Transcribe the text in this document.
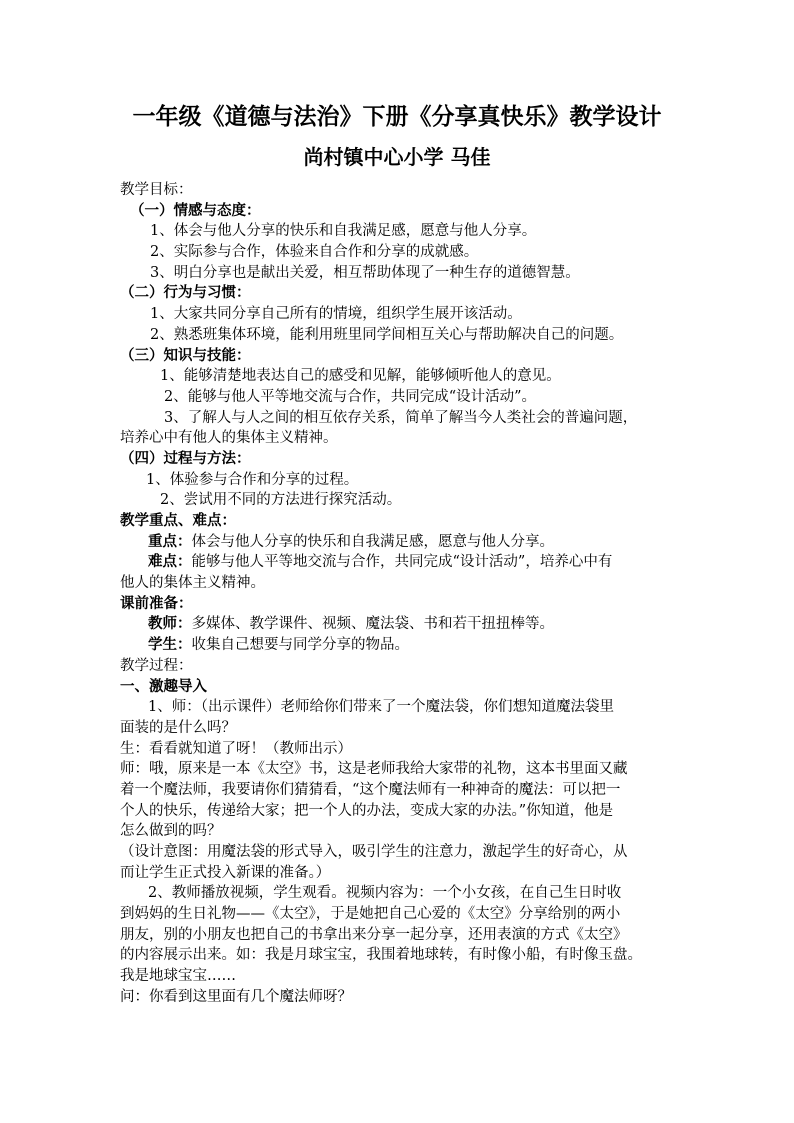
一年级《道德与法治》下册《分享真快乐》教学设计
尚村镇中心小学 马佳
教学目标：
（一）情感与态度：
1、体会与他人分享的快乐和自我满足感，愿意与他人分享。
2、实际参与合作，体验来自合作和分享的成就感。
3、明白分享也是献出关爱，相互帮助体现了一种生存的道德智慧。
（二）行为与习惯：
1、大家共同分享自己所有的情境，组织学生展开该活动。
2、熟悉班集体环境，能利用班里同学间相互关心与帮助解决自己的问题。
（三）知识与技能：
1、能够清楚地表达自己的感受和见解，能够倾听他人的意见。
2、能够与他人平等地交流与合作，共同完成“设计活动”。
3、了解人与人之间的相互依存关系，简单了解当今人类社会的普遍问题，
培养心中有他人的集体主义精神。
（四）过程与方法：
1、体验参与合作和分享的过程。
2、尝试用不同的方法进行探究活动。
教学重点、难点：
重点：体会与他人分享的快乐和自我满足感，愿意与他人分享。
难点：能够与他人平等地交流与合作，共同完成“设计活动”，培养心中有
他人的集体主义精神。
课前准备：
教师：多媒体、教学课件、视频、魔法袋、书和若干扭扭棒等。
学生：收集自己想要与同学分享的物品。
教学过程：
一、激趣导入
1、师：（出示课件）老师给你们带来了一个魔法袋，你们想知道魔法袋里
面装的是什么吗？
生：看看就知道了呀！（教师出示）
师：哦，原来是一本《太空》书，这是老师我给大家带的礼物，这本书里面又藏
着一个魔法师，我要请你们猜猜看，“这个魔法师有一种神奇的魔法：可以把一
个人的快乐，传递给大家；把一个人的办法，变成大家的办法。”你知道，他是
怎么做到的吗？
（设计意图：用魔法袋的形式导入，吸引学生的注意力，激起学生的好奇心，从
而让学生正式投入新课的准备。）
2、教师播放视频，学生观看。视频内容为：一个小女孩，在自己生日时收
到妈妈的生日礼物——《太空》，于是她把自己心爱的《太空》分享给别的两小
朋友，别的小朋友也把自己的书拿出来分享一起分享，还用表演的方式《太空》
的内容展示出来。如：我是月球宝宝，我围着地球转，有时像小船，有时像玉盘。
我是地球宝宝……
问：你看到这里面有几个魔法师呀？
